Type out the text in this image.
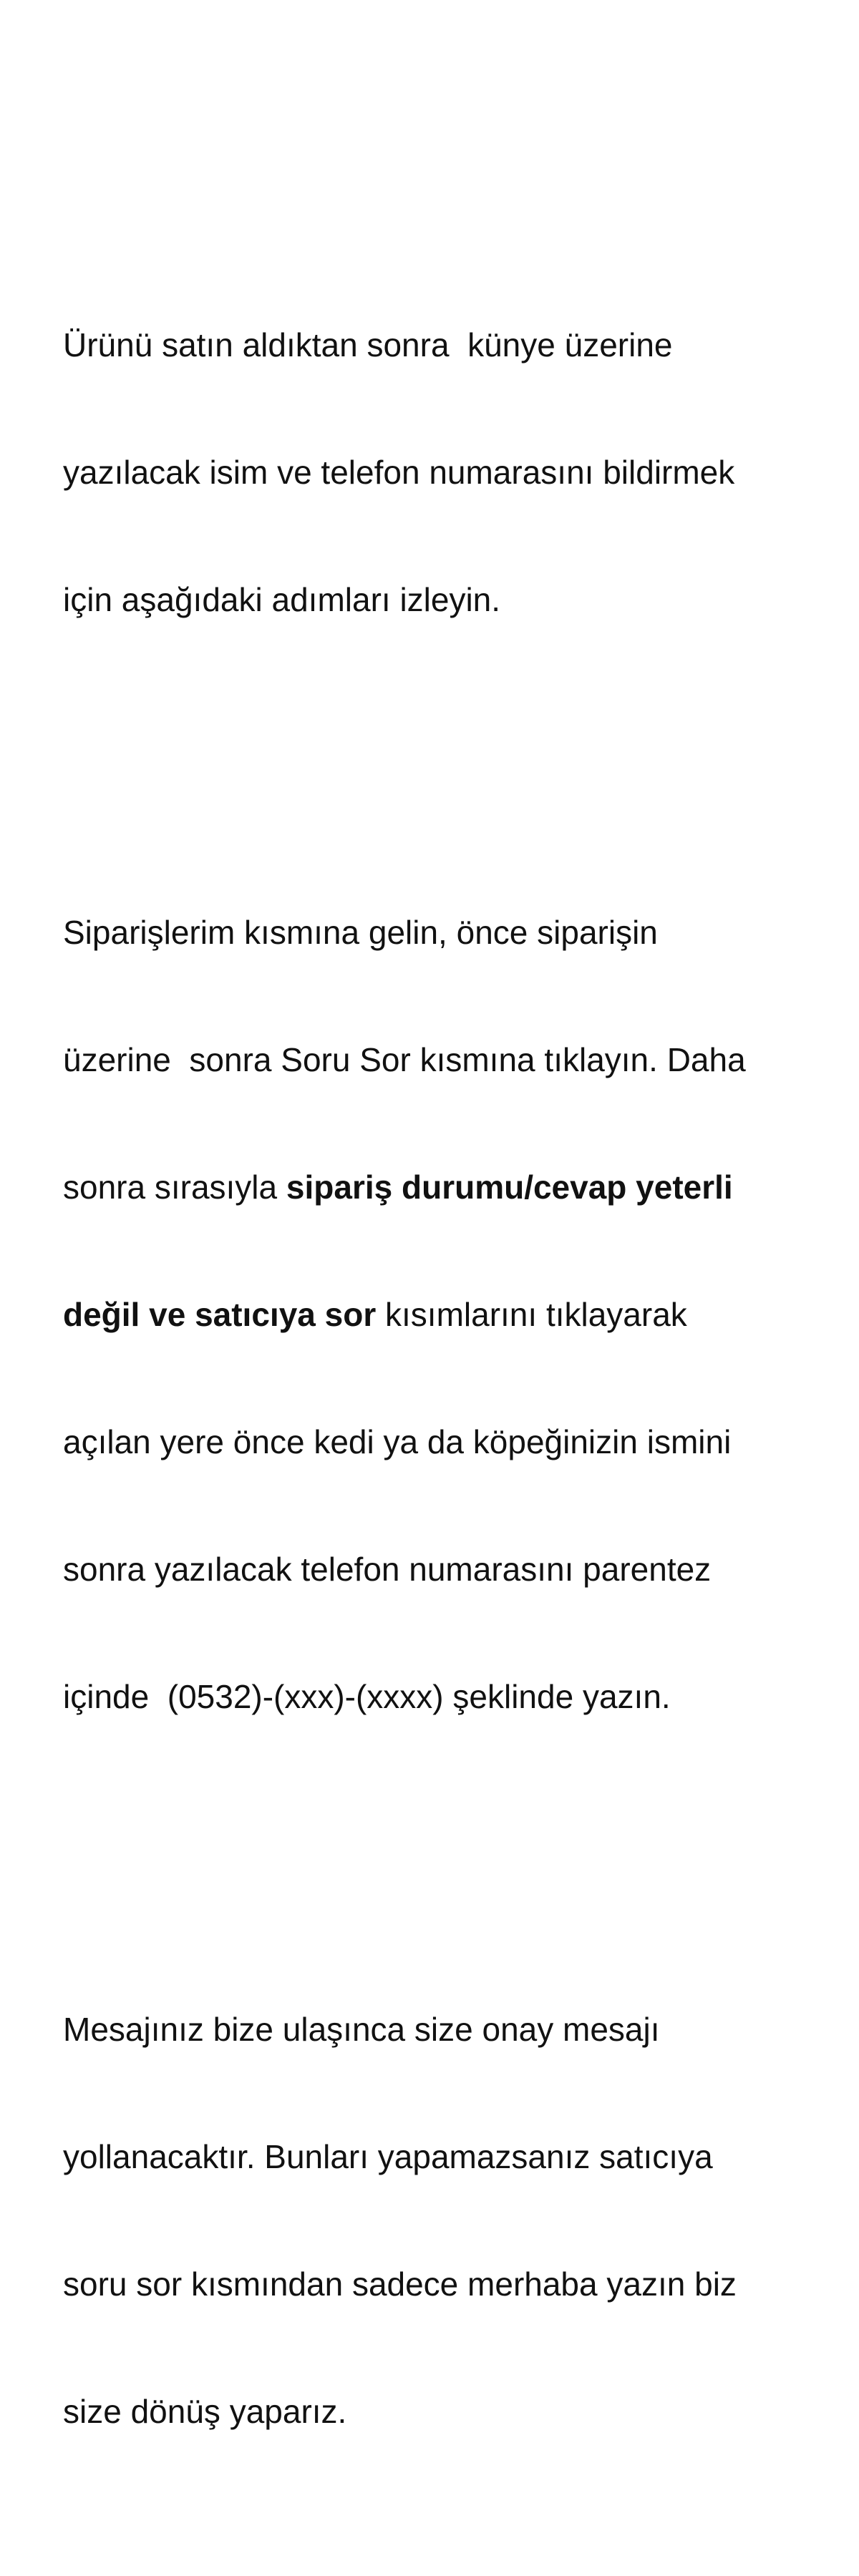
Ürünü satın aldıktan sonra  künye üzerine

yazılacak isim ve telefon numarasını bildirmek

için aşağıdaki adımları izleyin.

Siparişlerim kısmına gelin, önce siparişin

üzerine  sonra Soru Sor kısmına tıklayın. Daha

sonra sırasıyla sipariş durumu/cevap yeterli

değil ve satıcıya sor kısımlarını tıklayarak

açılan yere önce kedi ya da köpeğinizin ismini

sonra yazılacak telefon numarasını parentez

içinde  (0532)-(xxx)-(xxxx) şeklinde yazın.

Mesajınız bize ulaşınca size onay mesajı

yollanacaktır. Bunları yapamazsanız satıcıya

soru sor kısmından sadece merhaba yazın biz

size dönüş yaparız.
